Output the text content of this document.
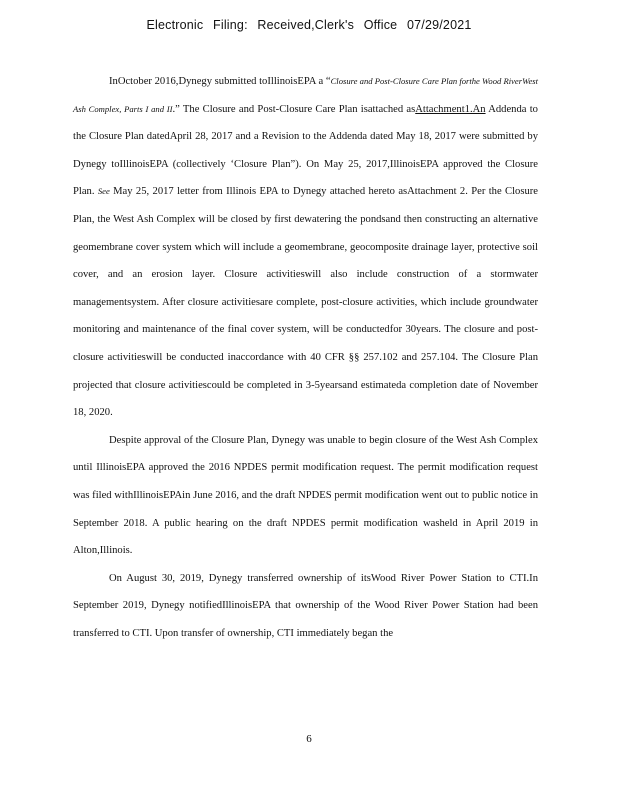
Electronic Filing: Received,Clerk's Office 07/29/2021

InOctober 2016,Dynegy submitted toIllinoisEPA a “Closure and Post-Closure Care Plan forthe Wood RiverWest Ash Complex, Parts I and II.” The Closure and Post-Closure Care Plan isattached asAttachment1.An Addenda to the Closure Plan datedApril 28, 2017 and a Revision to the Addenda dated May 18, 2017 were submitted by Dynegy toIllinoisEPA (collectively ‘Closure Plan”). On May 25, 2017,IllinoisEPA approved the Closure Plan. See May 25, 2017 letter from Illinois EPA to Dynegy attached hereto asAttachment 2. Per the Closure Plan, the West Ash Complex will be closed by first dewatering the pondsand then constructing an alternative geomembrane cover system which will include a geomembrane, geocomposite drainage layer, protective soil cover, and an erosion layer. Closure activitieswill also include construction of a stormwater managementsystem. After closure activitiesare complete, post-closure activities, which include groundwater monitoring and maintenance of the final cover system, will be conductedfor 30years. The closure and post-closure activitieswill be conducted inaccordance with 40 CFR §§ 257.102 and 257.104. The Closure Plan projected that closure activitiescould be completed in 3-5yearsand estimateda completion date of November 18, 2020.

Despite approval of the Closure Plan, Dynegy was unable to begin closure of the West Ash Complex until IllinoisEPA approved the 2016 NPDES permit modification request. The permit modification request was filed withIllinoisEPAin June 2016, and the draft NPDES permit modification went out to public notice in September 2018. A public hearing on the draft NPDES permit modification washeld in April 2019 in Alton,Illinois.

On August 30, 2019, Dynegy transferred ownership of itsWood River Power Station to CTI.In September 2019, Dynegy notifiedIllinoisEPA that ownership of the Wood River Power Station had been transferred to CTI. Upon transfer of ownership, CTI immediately began the

6
